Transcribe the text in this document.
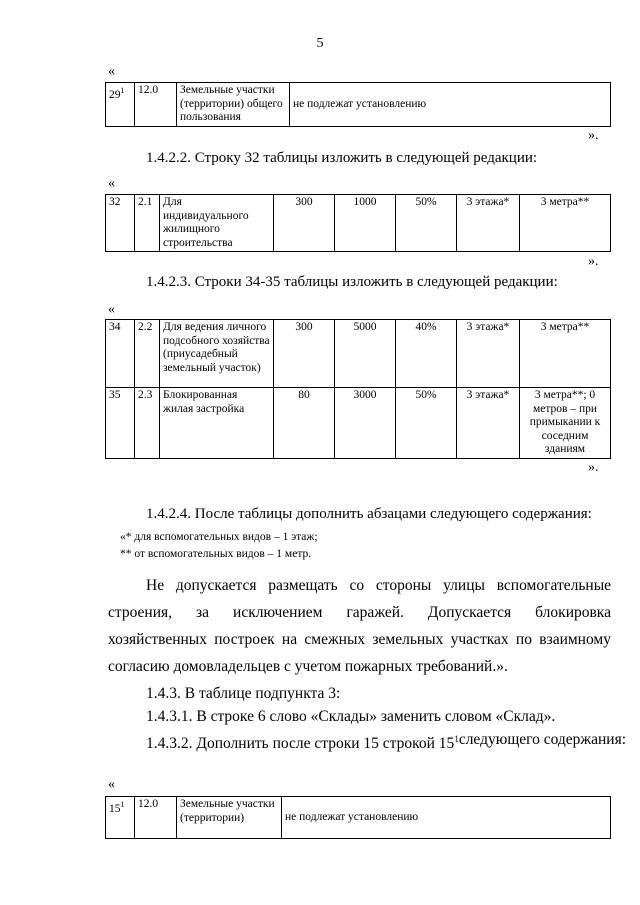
5
«
$29^1$	12.0	Земельные участки (территории) общего пользования	не подлежат установлению
».
1.4.2.2. Строку 32 таблицы изложить в следующей редакции:
«
32	2.1	Для индивидуального жилищного строительства	300	1000	50%	3 этажа*	3 метра**
».
1.4.2.3. Строки 34-35 таблицы изложить в следующей редакции:
«
34	2.2	Для ведения личного подсобного хозяйства (приусадебный земельный участок)	300	5000	40%	3 этажа*	3 метра**
35	2.3	Блокированная жилая застройка	80	3000	50%	3 этажа*	3 метра**; 0 метров – при примыкании к соседним зданиям
».
1.4.2.4. После таблицы дополнить абзацами следующего содержания:
«* для вспомогательных видов – 1 этаж;
** от вспомогательных видов – 1 метр.
Не допускается размещать со стороны улицы вспомогательные строения, за исключением гаражей. Допускается блокировка хозяйственных построек на смежных земельных участках по взаимному согласию домовладельцев с учетом пожарных требований.».
1.4.3. В таблице подпункта 3:
1.4.3.1. В строке 6 слово «Склады» заменить словом «Склад».
1.4.3.2. Дополнить после строки 15 строкой $15^1$ следующего содержания:
«
$15^1$	12.0	Земельные участки (территории)	не подлежат установлению
